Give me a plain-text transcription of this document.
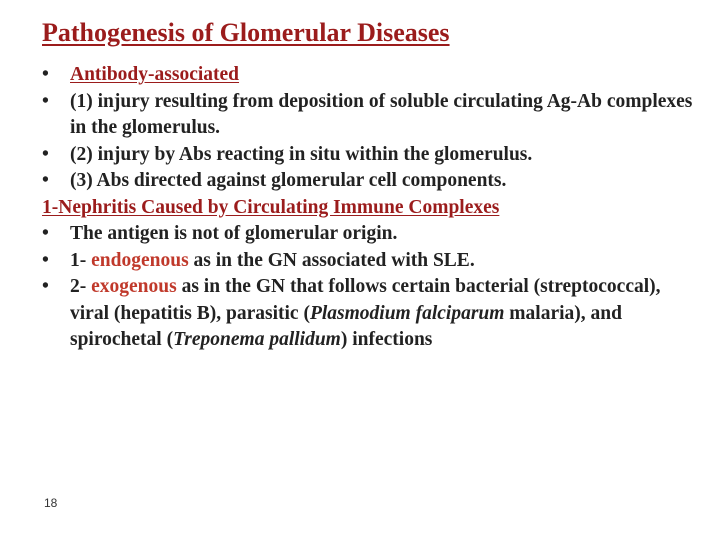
Pathogenesis of Glomerular Diseases
• Antibody-associated
• (1) injury resulting from deposition of soluble circulating Ag-Ab complexes in the glomerulus.
• (2) injury by Abs reacting in situ within the glomerulus.
• (3) Abs directed against glomerular cell components.
1-Nephritis Caused by Circulating Immune Complexes
• The antigen is not of glomerular origin.
• 1- endogenous as in the GN associated with SLE.
• 2- exogenous as in the GN that follows certain bacterial (streptococcal), viral (hepatitis B), parasitic (Plasmodium falciparum malaria), and spirochetal (Treponema pallidum) infections
18
